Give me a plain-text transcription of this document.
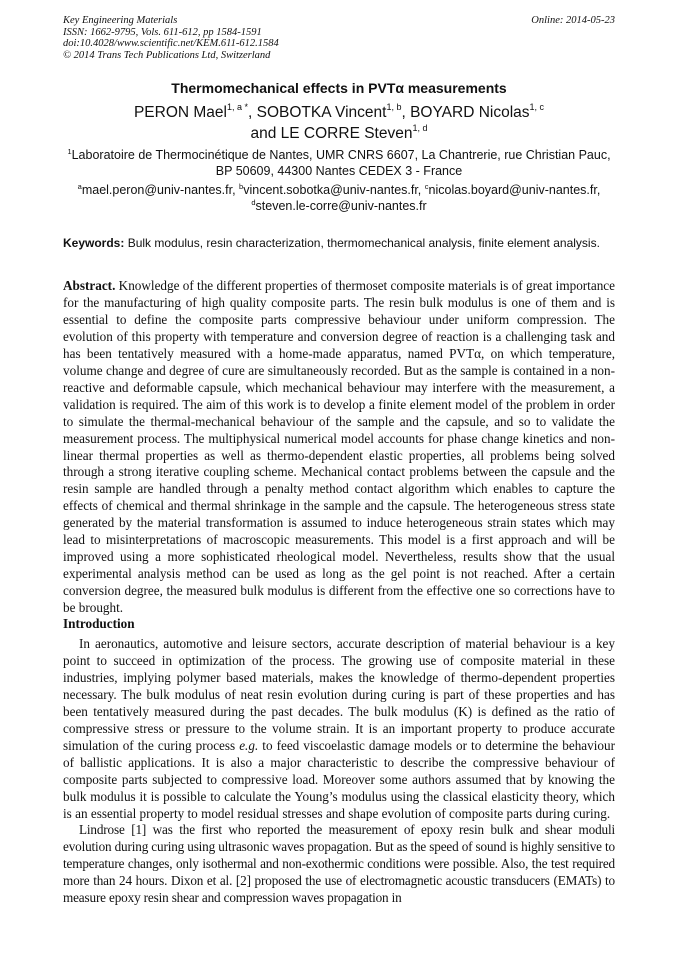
Key Engineering Materials
ISSN: 1662-9795, Vols. 611-612, pp 1584-1591
doi:10.4028/www.scientific.net/KEM.611-612.1584
© 2014 Trans Tech Publications Ltd, Switzerland
Online: 2014-05-23
Thermomechanical effects in PVTα measurements
PERON Mael$^{1, a *}$, SOBOTKA Vincent$^{1, b}$, BOYARD Nicolas$^{1, c}$
and LE CORRE Steven$^{1, d}$
$^1$Laboratoire de Thermocinétique de Nantes, UMR CNRS 6607, La Chantrerie, rue Christian Pauc,
BP 50609, 44300 Nantes CEDEX 3 - France
$^a$mael.peron@univ-nantes.fr, $^b$vincent.sobotka@univ-nantes.fr, $^c$nicolas.boyard@univ-nantes.fr,
$^d$steven.le-corre@univ-nantes.fr
Keywords: Bulk modulus, resin characterization, thermomechanical analysis, finite element analysis.
Abstract. Knowledge of the different properties of thermoset composite materials is of great importance for the manufacturing of high quality composite parts. The resin bulk modulus is one of them and is essential to define the composite parts compressive behaviour under uniform compression. The evolution of this property with temperature and conversion degree of reaction is a challenging task and has been tentatively measured with a home-made apparatus, named PVTα, on which temperature, volume change and degree of cure are simultaneously recorded. But as the sample is contained in a non-reactive and deformable capsule, which mechanical behaviour may interfere with the measurement, a validation is required. The aim of this work is to develop a finite element model of the problem in order to simulate the thermal-mechanical behaviour of the sample and the capsule, and so to validate the measurement process. The multiphysical numerical model accounts for phase change kinetics and non-linear thermal properties as well as thermo-dependent elastic properties, all problems being solved through a strong iterative coupling scheme. Mechanical contact problems between the capsule and the resin sample are handled through a penalty method contact algorithm which enables to capture the effects of chemical and thermal shrinkage in the sample and the capsule. The heterogeneous stress state generated by the material transformation is assumed to induce heterogeneous strain states which may lead to misinterpretations of macroscopic measurements. This model is a first approach and will be improved using a more sophisticated rheological model. Nevertheless, results show that the usual experimental analysis method can be used as long as the gel point is not reached. After a certain conversion degree, the measured bulk modulus is different from the effective one so corrections have to be brought.
Introduction

In aeronautics, automotive and leisure sectors, accurate description of material behaviour is a key point to succeed in optimization of the process. The growing use of composite material in these industries, implying polymer based materials, makes the knowledge of thermo-dependent properties necessary. The bulk modulus of neat resin evolution during curing is part of these properties and has been tentatively measured during the past decades. The bulk modulus (K) is defined as the ratio of compressive stress or pressure to the volume strain. It is an important property to produce accurate simulation of the curing process e.g. to feed viscoelastic damage models or to determine the behaviour of ballistic applications. It is also a major characteristic to describe the compressive behaviour of composite parts subjected to compressive load. Moreover some authors assumed that by knowing the bulk modulus it is possible to calculate the Young’s modulus using the classical elasticity theory, which is an essential property to model residual stresses and shape evolution of composite parts during curing.

Lindrose [1] was the first who reported the measurement of epoxy resin bulk and shear moduli evolution during curing using ultrasonic waves propagation. But as the speed of sound is highly sensitive to temperature changes, only isothermal and non-exothermic conditions were possible. Also, the test required more than 24 hours. Dixon et al. [2] proposed the use of electromagnetic acoustic transducers (EMATs) to measure epoxy resin shear and compression waves propagation in
